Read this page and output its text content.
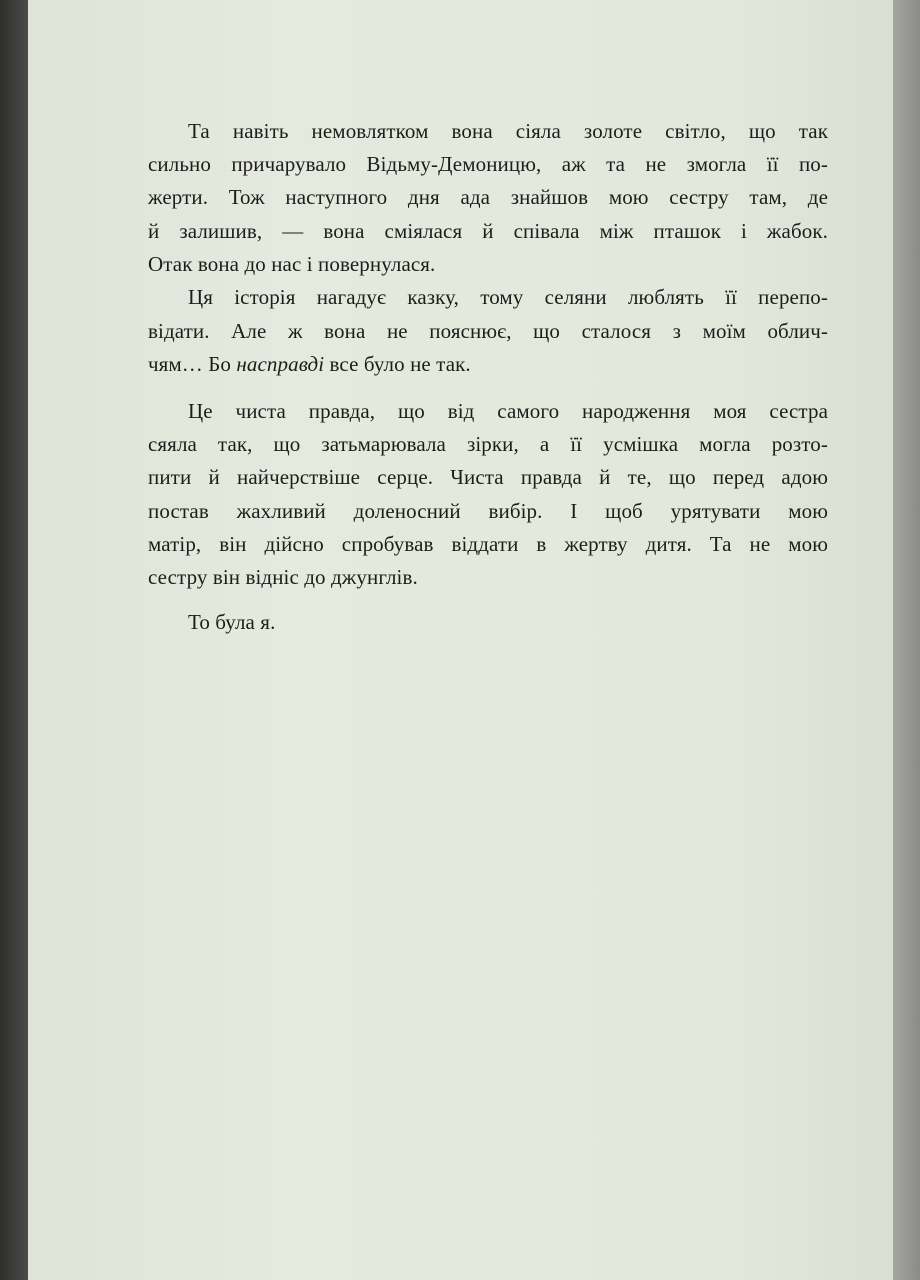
Та навіть немовлятком вона сіяла золоте світло, що так
сильно причарувало Відьму-Демоницю, аж та не змогла її по-
жерти. Тож наступного дня ада знайшов мою сестру там, де
й залишив, — вона сміялася й співала між пташок і жабок.
Отак вона до нас і повернулася.
Ця історія нагадує казку, тому селяни люблять її перепо-
відати. Але ж вона не пояснює, що сталося з моїм облич-
чям… Бо насправді все було не так.
Це чиста правда, що від самого народження моя сестра
сяяла так, що затьмарювала зірки, а її усмішка могла розто-
пити й найчерствіше серце. Чиста правда й те, що перед адою
постав жахливий доленосний вибір. І щоб урятувати мою
матір, він дійсно спробував віддати в жертву дитя. Та не мою
сестру він відніс до джунглів.
То була я.
